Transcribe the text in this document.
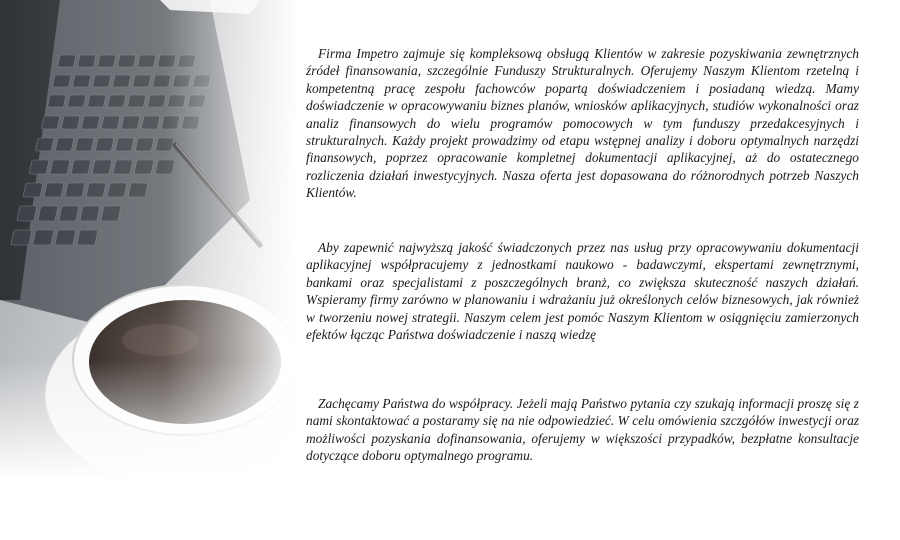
Firma Impetro zajmuje się kompleksową obsługą Klientów w zakresie pozyskiwania zewnętrznych źródeł finansowania, szczególnie Funduszy Strukturalnych. Oferujemy Naszym Klientom rzetelną i kompetentną pracę zespołu fachowców popartą doświadczeniem i posiadaną wiedzą. Mamy doświadczenie w opracowywaniu biznes planów, wniosków aplikacyjnych, studiów wykonalności oraz analiz finansowych do wielu programów pomocowych w tym funduszy przedakcesyjnych i strukturalnych. Każdy projekt prowadzimy od etapu wstępnej analizy i doboru optymalnych narzędzi finansowych, poprzez opracowanie kompletnej dokumentacji aplikacyjnej, aż do ostatecznego rozliczenia działań inwestycyjnych. Nasza oferta jest dopasowana do różnorodnych potrzeb Naszych Klientów.

Aby zapewnić najwyższą jakość świadczonych przez nas usług przy opracowywaniu dokumentacji aplikacyjnej współpracujemy z jednostkami naukowo - badawczymi, ekspertami zewnętrznymi, bankami oraz specjalistami z poszczególnych branż, co zwiększa skuteczność naszych działań. Wspieramy firmy zarówno w planowaniu i wdrażaniu już określonych celów biznesowych, jak również w tworzeniu nowej strategii. Naszym celem jest pomóc Naszym Klientom w osiągnięciu zamierzonych efektów łącząc Państwa doświadczenie i naszą wiedzę

Zachęcamy Państwa do współpracy. Jeżeli mają Państwo pytania czy szukają informacji proszę się z nami skontaktować a postaramy się na nie odpowiedzieć. W celu omówienia szczgółów inwestycji oraz możliwości pozyskania dofinansowania, oferujemy w większości przypadków, bezpłatne konsultacje dotyczące doboru optymalnego programu.
